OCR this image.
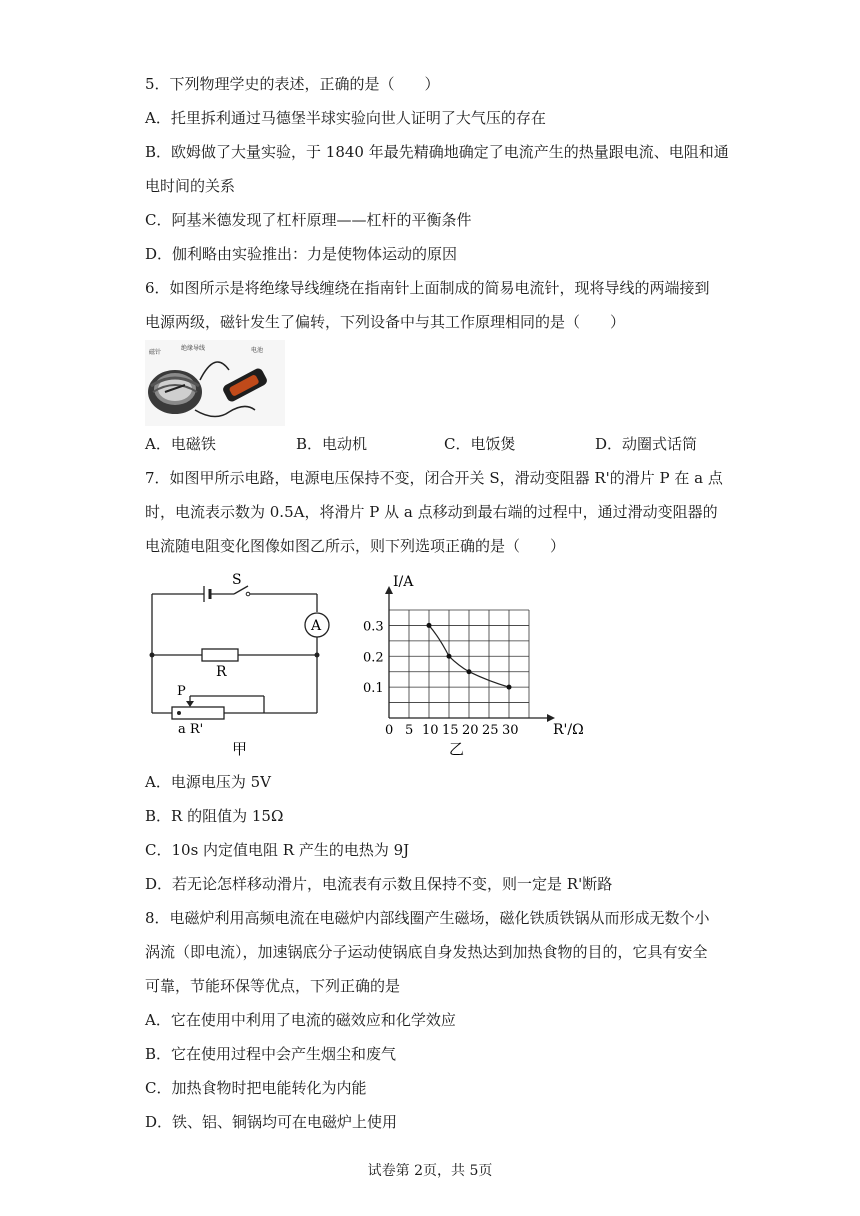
5．下列物理学史的表述，正确的是（　　）
A．托里拆利通过马德堡半球实验向世人证明了大气压的存在
B．欧姆做了大量实验，于 1840 年最先精确地确定了电流产生的热量跟电流、电阻和通
电时间的关系
C．阿基米德发现了杠杆原理——杠杆的平衡条件
D．伽利略由实验推出：力是使物体运动的原因
6．如图所示是将绝缘导线缠绕在指南针上面制成的简易电流针，现将导线的两端接到
电源两级，磁针发生了偏转，下列设备中与其工作原理相同的是（　　）
磁针
绝缘导线	电池
A．电磁铁	B．电动机	C．电饭煲	D．动圈式话筒
7．如图甲所示电路，电源电压保持不变，闭合开关 S，滑动变阻器 R'的滑片 P 在 a 点
时，电流表示数为 0.5A，将滑片 P 从 a 点移动到最右端的过程中，通过滑动变阻器的
电流随电阻变化图像如图乙所示，则下列选项正确的是（　　）
S
A
R
P
a R'
甲
0 5 10 15 20 25 30
0.1
0.2
0.3
I/A
R'/Ω
乙
A．电源电压为 5V
B．R 的阻值为 15Ω
C．10s 内定值电阻 R 产生的电热为 9J
D．若无论怎样移动滑片，电流表有示数且保持不变，则一定是 R'断路
8．电磁炉利用高频电流在电磁炉内部线圈产生磁场，磁化铁质铁锅从而形成无数个小
涡流（即电流），加速锅底分子运动使锅底自身发热达到加热食物的目的，它具有安全
可靠，节能环保等优点，下列正确的是
A．它在使用中利用了电流的磁效应和化学效应
B．它在使用过程中会产生烟尘和废气
C．加热食物时把电能转化为内能
D．铁、铝、铜锅均可在电磁炉上使用
试卷第 2页，共 5页
